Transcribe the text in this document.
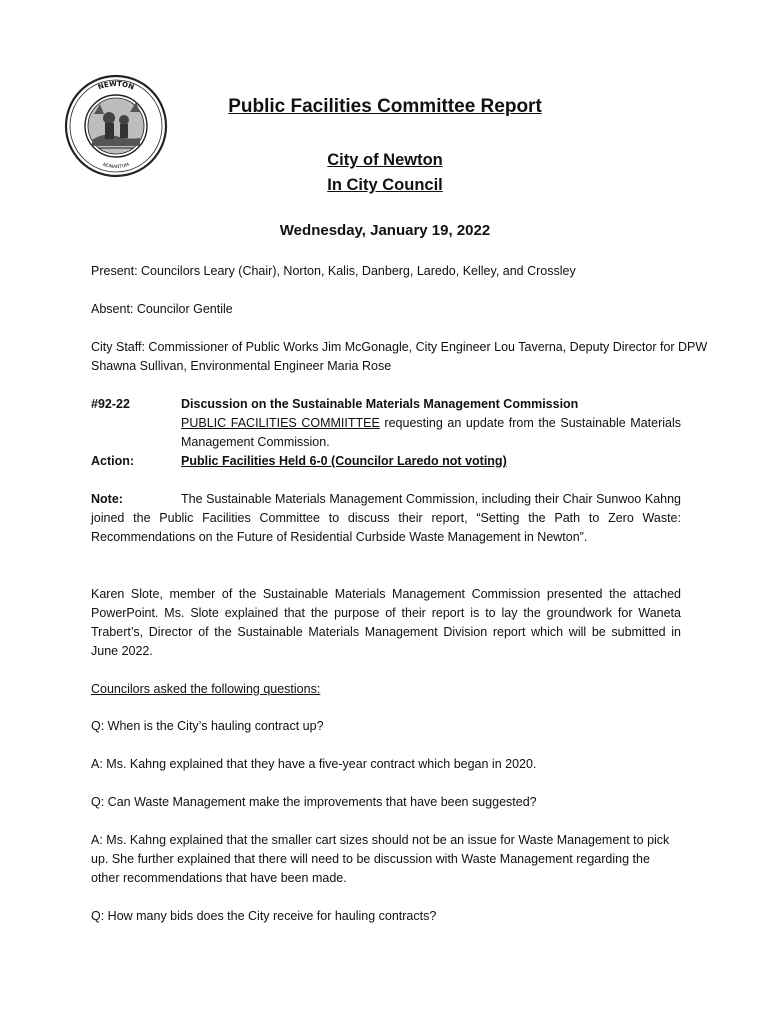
NEWTON
NONANTUM
Public Facilities Committee Report
City of Newton
In City Council
Wednesday, January 19, 2022
Present: Councilors Leary (Chair), Norton, Kalis, Danberg, Laredo, Kelley, and Crossley
Absent: Councilor Gentile
City Staff: Commissioner of Public Works Jim McGonagle, City Engineer Lou Taverna, Deputy Director for DPW Shawna Sullivan, Environmental Engineer Maria Rose
#92-22	Discussion on the Sustainable Materials Management Commission
PUBLIC FACILITIES COMMIITTEE requesting an update from the Sustainable Materials Management Commission.
Action:	Public Facilities Held 6-0 (Councilor Laredo not voting)
Note:	The Sustainable Materials Management Commission, including their Chair Sunwoo Kahng joined the Public Facilities Committee to discuss their report, “Setting the Path to Zero Waste: Recommendations on the Future of Residential Curbside Waste Management in Newton”.
Karen Slote, member of the Sustainable Materials Management Commission presented the attached PowerPoint. Ms. Slote explained that the purpose of their report is to lay the groundwork for Waneta Trabert’s, Director of the Sustainable Materials Management Division report which will be submitted in June 2022.
Councilors asked the following questions:
Q: When is the City’s hauling contract up?
A: Ms. Kahng explained that they have a five-year contract which began in 2020.
Q: Can Waste Management make the improvements that have been suggested?
A: Ms. Kahng explained that the smaller cart sizes should not be an issue for Waste Management to pick up. She further explained that there will need to be discussion with Waste Management regarding the other recommendations that have been made.
Q: How many bids does the City receive for hauling contracts?
